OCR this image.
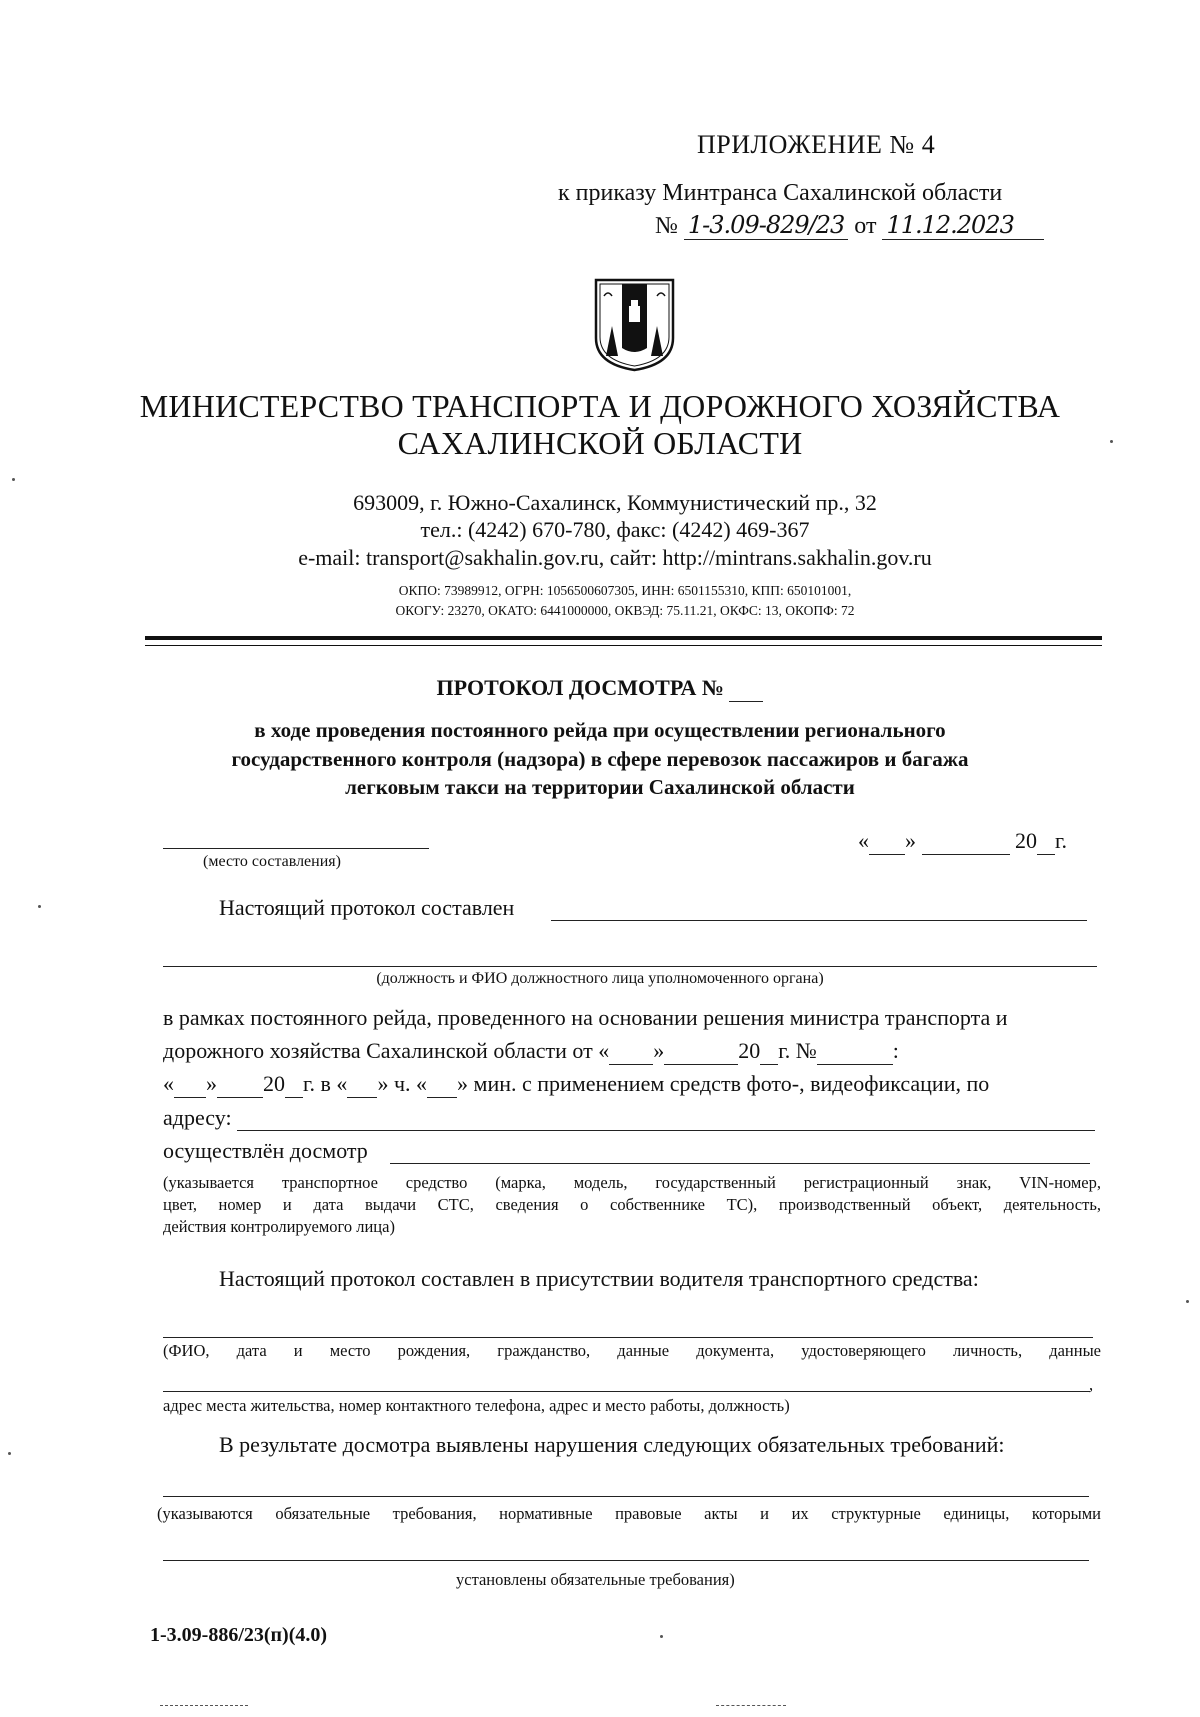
ПРИЛОЖЕНИЕ № 4
к приказу Минтранса Сахалинской области
№ 1-3.09-829/23 от 11.12.2023
МИНИСТЕРСТВО ТРАНСПОРТА И ДОРОЖНОГО ХОЗЯЙСТВА
САХАЛИНСКОЙ ОБЛАСТИ
693009, г. Южно-Сахалинск, Коммунистический пр., 32
тел.: (4242) 670-780, факс: (4242) 469-367
e-mail: transport@sakhalin.gov.ru, сайт: http://mintrans.sakhalin.gov.ru
ОКПО: 73989912, ОГРН: 1056500607305, ИНН: 6501155310, КПП: 650101001,
ОКОГУ: 23270, ОКАТО: 6441000000, ОКВЭД: 75.11.21, ОКФС: 13, ОКОПФ: 72
ПРОТОКОЛ ДОСМОТРА №
в ходе проведения постоянного рейда при осуществлении регионального
государственного контроля (надзора) в сфере перевозок пассажиров и багажа
легковым такси на территории Сахалинской области
(место составления)
« »	20 г.
Настоящий протокол составлен
(должность и ФИО должностного лица уполномоченного органа)
в рамках постоянного рейда, проведенного на основании решения министра транспорта и
дорожного хозяйства Сахалинской области от « »	20 г. №	:
« » 20 г. в « » ч. « » мин. с применением средств фото-, видеофиксации, по
адресу:
осуществлён досмотр
(указывается транспортное средство (марка, модель, государственный регистрационный знак, VIN-номер,
цвет, номер и дата выдачи СТС, сведения о собственнике ТС), производственный объект, деятельность,
действия контролируемого лица)
Настоящий протокол составлен в присутствии водителя транспортного средства:
(ФИО, дата и место рождения, гражданство, данные документа, удостоверяющего личность, данные
,
адрес места жительства, номер контактного телефона, адрес и место работы, должность)
В результате досмотра выявлены нарушения следующих обязательных требований:
(указываются обязательные требования, нормативные правовые акты и их структурные единицы, которыми
установлены обязательные требования)
1-3.09-886/23(п)(4.0)
